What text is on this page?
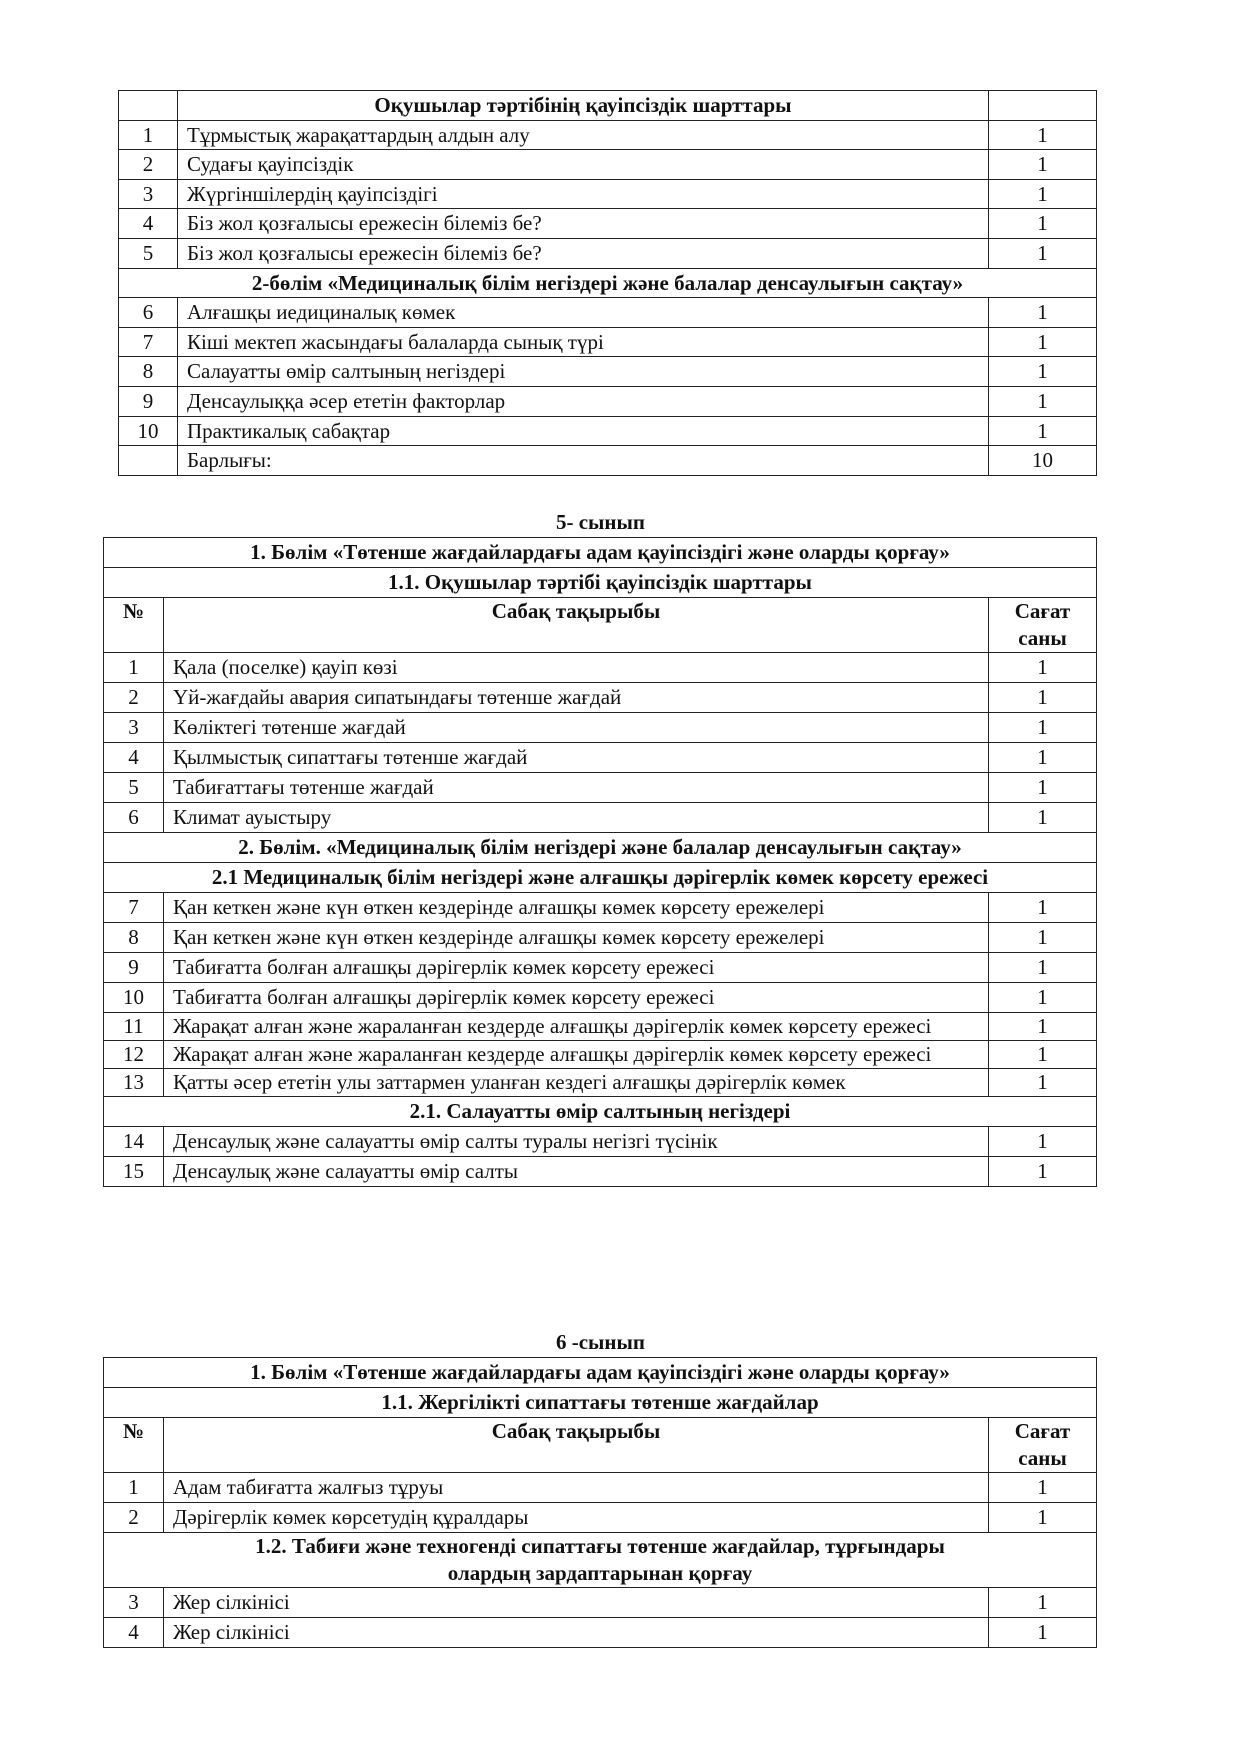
	Оқушылар тәртібінің қауіпсіздік шарттары	
1	Тұрмыстық жарақаттардың алдын алу	1
2	Судағы қауіпсіздік	1
3	Жүргіншілердің қауіпсіздігі	1
4	Біз жол қозғалысы ережесін білеміз бе?	1
5	Біз жол қозғалысы ережесін білеміз бе?	1
2-бөлім «Медициналық білім негіздері және балалар денсаулығын сақтау»		
6	Алғашқы иедициналық көмек	1
7	Кіші мектеп жасындағы балаларда сынық түрі	1
8	Салауатты өмір салтының негіздері	1
9	Денсаулыққа әсер ететін факторлар	1
10	Практикалық сабақтар	1
	Барлығы:	10
5- сынып
1. Бөлім «Төтенше жағдайлардағы адам қауіпсіздігі және оларды қорғау»		
1.1. Оқушылар тәртібі қауіпсіздік шарттары		
№	Сабақ тақырыбы	Сағат саны
1	Қала (поселке) қауіп көзі	1
2	Үй-жағдайы авария сипатындағы төтенше жағдай	1
3	Көліктегі төтенше жағдай	1
4	Қылмыстық сипаттағы төтенше жағдай	1
5	Табиғаттағы төтенше жағдай	1
6	Климат ауыстыру	1
2. Бөлім. «Медициналық білім негіздері және балалар денсаулығын сақтау»		
2.1 Медициналық білім негіздері және алғашқы дәрігерлік көмек көрсету ережесі		
7	Қан кеткен және күн өткен кездерінде алғашқы көмек көрсету ережелері	1
8	Қан кеткен және күн өткен кездерінде алғашқы көмек көрсету ережелері	1
9	Табиғатта болған алғашқы дәрігерлік көмек көрсету ережесі	1
10	Табиғатта болған алғашқы дәрігерлік көмек көрсету ережесі	1
11	Жарақат алған және жараланған кездерде алғашқы дәрігерлік көмек көрсету ережесі	1
12	Жарақат алған және жараланған кездерде алғашқы дәрігерлік көмек көрсету ережесі	1
13	Қатты әсер ететін улы заттармен уланған кездегі алғашқы дәрігерлік көмек	1
2.1. Салауатты өмір салтының негіздері		
14	Денсаулық және салауатты өмір салты туралы негізгі түсінік	1
15	Денсаулық және салауатты өмір салты	1
6 -сынып
1. Бөлім «Төтенше жағдайлардағы адам қауіпсіздігі және оларды қорғау»		
1.1. Жергілікті сипаттағы төтенше жағдайлар		
№	Сабақ тақырыбы	Сағат саны
1	Адам табиғатта жалғыз тұруы	1
2	Дәрігерлік көмек көрсетудің құралдары	1
1.2. Табиғи және техногенді сипаттағы төтенше жағдайлар, тұрғындары олардың зардаптарынан қорғау		
3	Жер сілкінісі	1
4	Жер сілкінісі	1
